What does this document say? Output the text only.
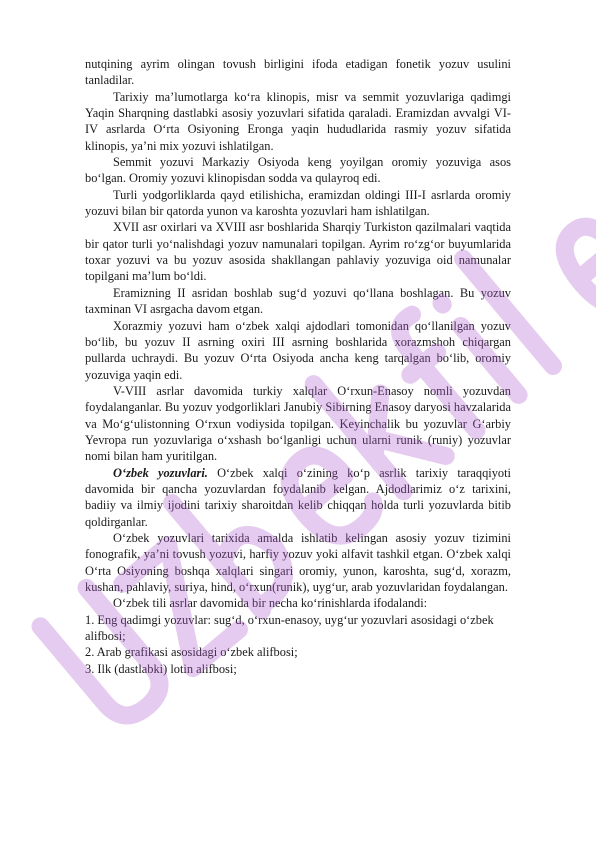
nutqining ayrim olingan tovush birligini ifoda etadigan fonetik yozuv usulini tanladilar.

Tarixiy ma’lumotlarga ko‘ra klinopis, misr va semmit yozuvlariga qadimgi Yaqin Sharqning dastlabki asosiy yozuvlari sifatida qaraladi. Eramizdan avvalgi VI-IV asrlarda O‘rta Osiyoning Eronga yaqin hududlarida rasmiy yozuv sifatida klinopis, ya’ni mix yozuvi ishlatilgan.

Semmit yozuvi Markaziy Osiyoda keng yoyilgan oromiy yozuviga asos bo‘lgan. Oromiy yozuvi klinopisdan sodda va qulayroq edi.

Turli yodgorliklarda qayd etilishicha, eramizdan oldingi III-I asrlarda oromiy yozuvi bilan bir qatorda yunon va karoshta yozuvlari ham ishlatilgan.

XVII asr oxirlari va XVIII asr boshlarida Sharqiy Turkiston qazilmalari vaqtida bir qator turli yo‘nalishdagi yozuv namunalari topilgan. Ayrim ro‘zg‘or buyumlarida toxar yozuvi va bu yozuv asosida shakllangan pahlaviy yozuviga oid namunalar topilgani ma’lum bo‘ldi.

Eramizning II asridan boshlab sug‘d yozuvi qo‘llana boshlagan. Bu yozuv taxminan VI asrgacha davom etgan.

Xorazmiy yozuvi ham o‘zbek xalqi ajdodlari tomonidan qo‘llanilgan yozuv bo‘lib, bu yozuv II asrning oxiri III asrning boshlarida xorazmshoh chiqargan pullarda uchraydi. Bu yozuv O‘rta Osiyoda ancha keng tarqalgan bo‘lib, oromiy yozuviga yaqin edi.

V-VIII asrlar davomida turkiy xalqlar O‘rxun-Enasoy nomli yozuvdan foydalanganlar. Bu yozuv yodgorliklari Janubiy Sibirning Enasoy daryosi havzalarida va Mo‘g‘ulistonning O‘rxun vodiysida topilgan. Keyinchalik bu yozuvlar G‘arbiy Yevropa run yozuvlariga o‘xshash bo‘lganligi uchun ularni runik (runiy) yozuvlar nomi bilan ham yuritilgan.

O‘zbek yozuvlari. O‘zbek xalqi o‘zining ko‘p asrlik tarixiy taraqqiyoti davomida bir qancha yozuvlardan foydalanib kelgan. Ajdodlarimiz o‘z tarixini, badiiy va ilmiy ijodini tarixiy sharoitdan kelib chiqqan holda turli yozuvlarda bitib qoldirganlar.

O‘zbek yozuvlari tarixida amalda ishlatib kelingan asosiy yozuv tizimini fonografik, ya’ni tovush yozuvi, harfiy yozuv yoki alfavit tashkil etgan. O‘zbek xalqi O‘rta Osiyoning boshqa xalqlari singari oromiy, yunon, karoshta, sug‘d, xorazm, kushan, pahlaviy, suriya, hind, o‘rxun(runik), uyg‘ur, arab yozuvlaridan foydalangan.

O‘zbek tili asrlar davomida bir necha ko‘rinishlarda ifodalandi:

1. Eng qadimgi yozuvlar: sug‘d, o‘rxun-enasoy, uyg‘ur yozuvlari asosidagi o‘zbek alifbosi;

2. Arab grafikasi asosidagi o‘zbek alifbosi;

3. Ilk (dastlabki) lotin alifbosi;
